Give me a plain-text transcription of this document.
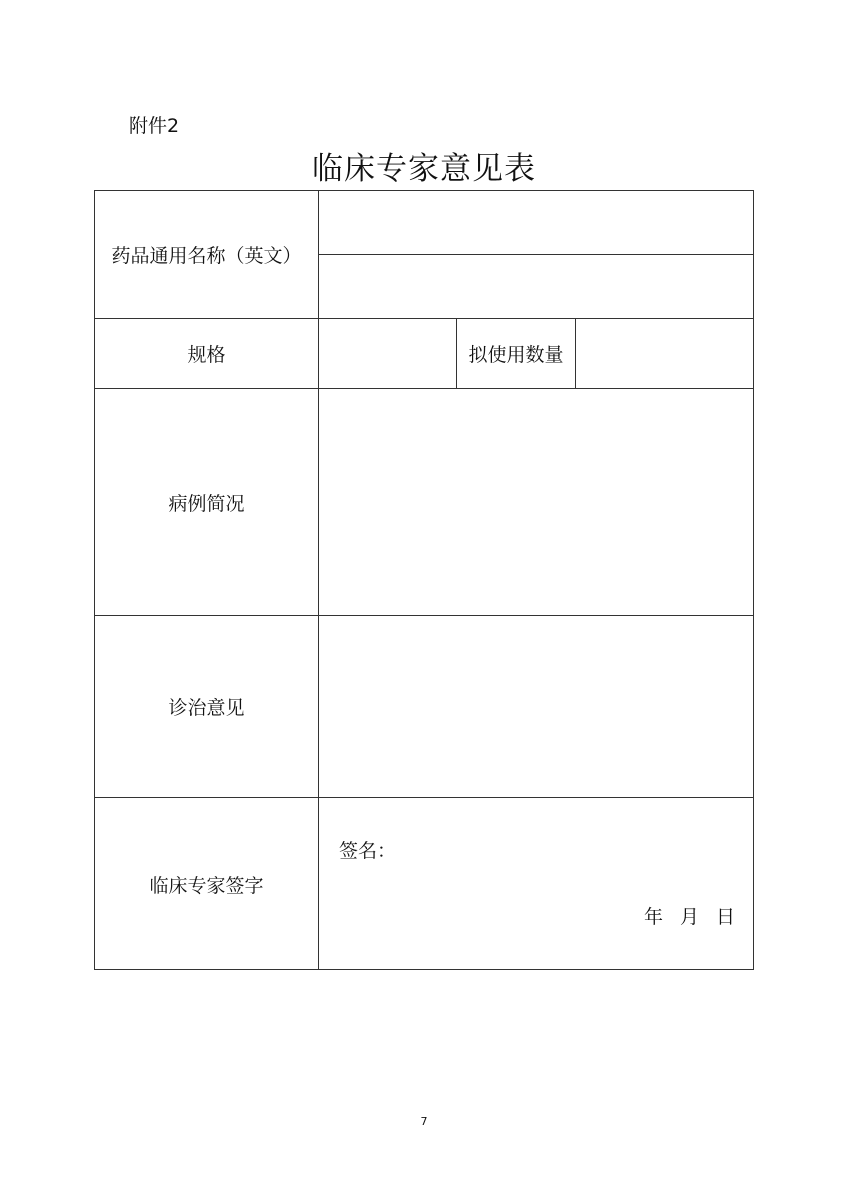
附件2
临床专家意见表
药品通用名称（英文）
规格	拟使用数量
病例简况
诊治意见
临床专家签字
签名：
年 月 日
7
